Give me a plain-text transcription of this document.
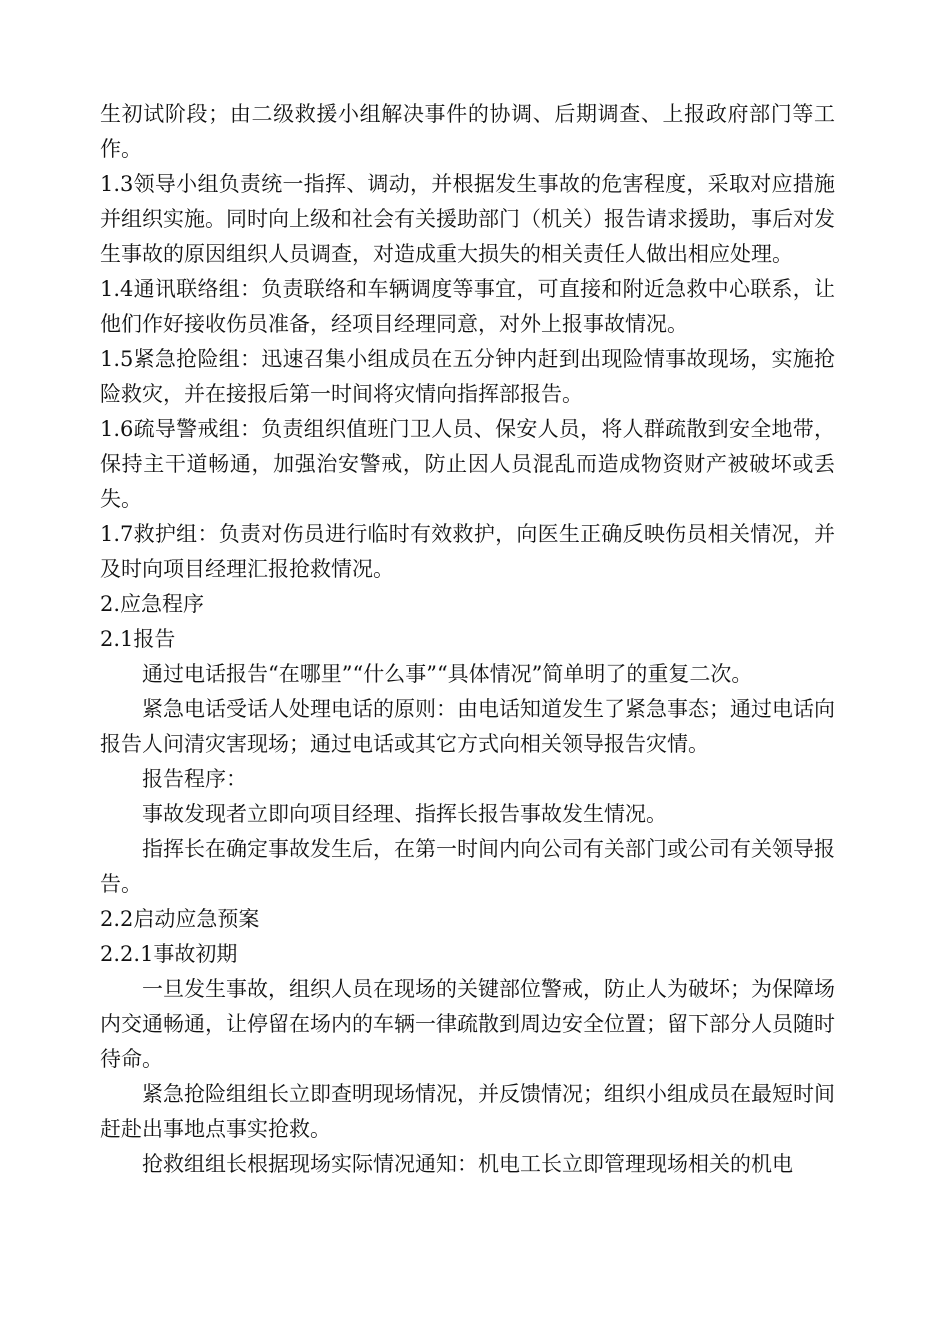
生初试阶段；由二级救援小组解决事件的协调、后期调查、上报政府部门等工作。

1.3领导小组负责统一指挥、调动，并根据发生事故的危害程度，采取对应措施并组织实施。同时向上级和社会有关援助部门（机关）报告请求援助，事后对发生事故的原因组织人员调查，对造成重大损失的相关责任人做出相应处理。

1.4通讯联络组：负责联络和车辆调度等事宜，可直接和附近急救中心联系，让他们作好接收伤员准备，经项目经理同意，对外上报事故情况。

1.5紧急抢险组：迅速召集小组成员在五分钟内赶到出现险情事故现场，实施抢险救灾，并在接报后第一时间将灾情向指挥部报告。

1.6疏导警戒组：负责组织值班门卫人员、保安人员，将人群疏散到安全地带，保持主干道畅通，加强治安警戒，防止因人员混乱而造成物资财产被破坏或丢失。

1.7救护组：负责对伤员进行临时有效救护，向医生正确反映伤员相关情况，并及时向项目经理汇报抢救情况。

2.应急程序

2.1报告

通过电话报告“在哪里”“什么事”“具体情况”简单明了的重复二次。

紧急电话受话人处理电话的原则：由电话知道发生了紧急事态；通过电话向报告人问清灾害现场；通过电话或其它方式向相关领导报告灾情。

报告程序：

事故发现者立即向项目经理、指挥长报告事故发生情况。

指挥长在确定事故发生后，在第一时间内向公司有关部门或公司有关领导报告。

2.2启动应急预案

2.2.1事故初期

一旦发生事故，组织人员在现场的关键部位警戒，防止人为破坏；为保障场内交通畅通，让停留在场内的车辆一律疏散到周边安全位置；留下部分人员随时待命。

紧急抢险组组长立即查明现场情况，并反馈情况；组织小组成员在最短时间赶赴出事地点事实抢救。

抢救组组长根据现场实际情况通知：机电工长立即管理现场相关的机电
